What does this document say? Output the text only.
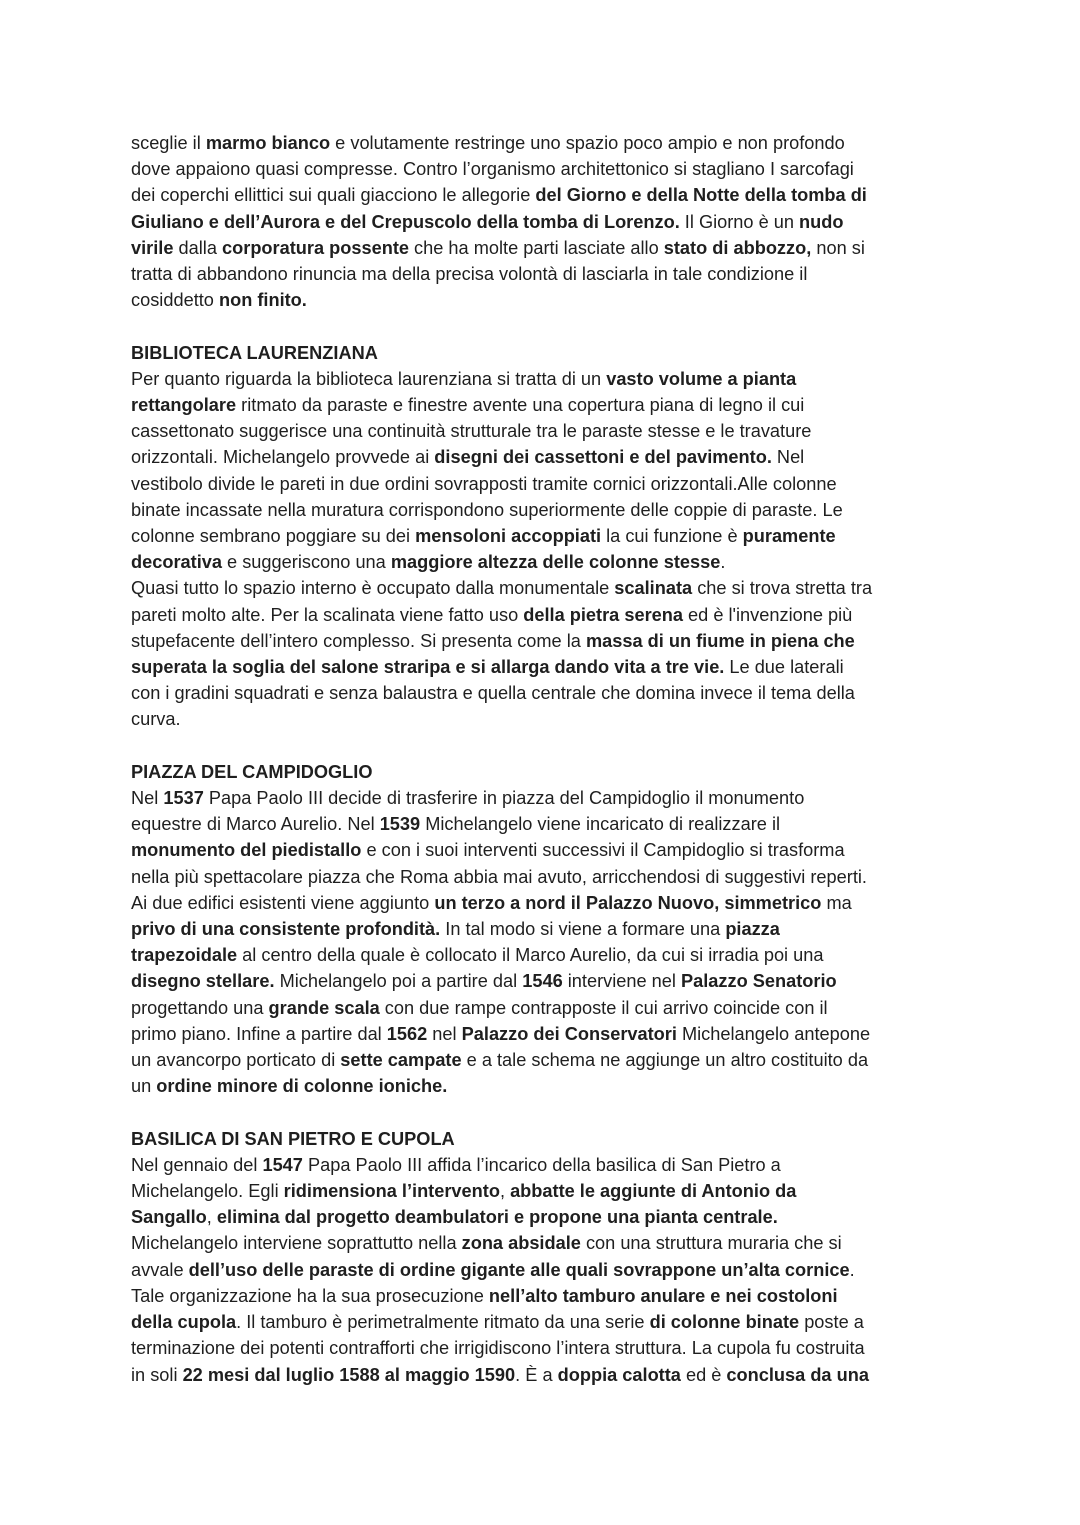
sceglie il marmo bianco e volutamente restringe uno spazio poco ampio e non profondo
dove appaiono quasi compresse. Contro l’organismo architettonico si stagliano I sarcofagi
dei coperchi ellittici sui quali giacciono le allegorie del Giorno e della Notte della tomba di
Giuliano e dell’Aurora e del Crepuscolo della tomba di Lorenzo. Il Giorno è un nudo
virile dalla corporatura possente che ha molte parti lasciate allo stato di abbozzo, non si
tratta di abbandono rinuncia ma della precisa volontà di lasciarla in tale condizione il
cosiddetto non finito.
BIBLIOTECA LAURENZIANA
Per quanto riguarda la biblioteca laurenziana si tratta di un vasto volume a pianta
rettangolare ritmato da paraste e finestre avente una copertura piana di legno il cui
cassettonato suggerisce una continuità strutturale tra le paraste stesse e le travature
orizzontali. Michelangelo provvede ai disegni dei cassettoni e del pavimento. Nel
vestibolo divide le pareti in due ordini sovrapposti tramite cornici orizzontali.Alle colonne
binate incassate nella muratura corrispondono superiormente delle coppie di paraste. Le
colonne sembrano poggiare su dei mensoloni accoppiati la cui funzione è puramente
decorativa e suggeriscono una maggiore altezza delle colonne stesse.
Quasi tutto lo spazio interno è occupato dalla monumentale scalinata che si trova stretta tra
pareti molto alte. Per la scalinata viene fatto uso della pietra serena ed è l'invenzione più
stupefacente dell’intero complesso. Si presenta come la massa di un fiume in piena che
superata la soglia del salone straripa e si allarga dando vita a tre vie. Le due laterali
con i gradini squadrati e senza balaustra e quella centrale che domina invece il tema della
curva.
PIAZZA DEL CAMPIDOGLIO
Nel 1537 Papa Paolo III decide di trasferire in piazza del Campidoglio il monumento
equestre di Marco Aurelio. Nel 1539 Michelangelo viene incaricato di realizzare il
monumento del piedistallo e con i suoi interventi successivi il Campidoglio si trasforma
nella più spettacolare piazza che Roma abbia mai avuto, arricchendosi di suggestivi reperti.
Ai due edifici esistenti viene aggiunto un terzo a nord il Palazzo Nuovo, simmetrico ma
privo di una consistente profondità. In tal modo si viene a formare una piazza
trapezoidale al centro della quale è collocato il Marco Aurelio, da cui si irradia poi una
disegno stellare. Michelangelo poi a partire dal 1546 interviene nel Palazzo Senatorio
progettando una grande scala con due rampe contrapposte il cui arrivo coincide con il
primo piano. Infine a partire dal 1562 nel Palazzo dei Conservatori Michelangelo antepone
un avancorpo porticato di sette campate e a tale schema ne aggiunge un altro costituito da
un ordine minore di colonne ioniche.
BASILICA DI SAN PIETRO E CUPOLA
Nel gennaio del 1547 Papa Paolo III affida l’incarico della basilica di San Pietro a
Michelangelo. Egli ridimensiona l’intervento, abbatte le aggiunte di Antonio da
Sangallo, elimina dal progetto deambulatori e propone una pianta centrale.
Michelangelo interviene soprattutto nella zona absidale con una struttura muraria che si
avvale dell’uso delle paraste di ordine gigante alle quali sovrappone un’alta cornice.
Tale organizzazione ha la sua prosecuzione nell’alto tamburo anulare e nei costoloni
della cupola. Il tamburo è perimetralmente ritmato da una serie di colonne binate poste a
terminazione dei potenti contrafforti che irrigidiscono l’intera struttura. La cupola fu costruita
in soli 22 mesi dal luglio 1588 al maggio 1590. È a doppia calotta ed è conclusa da una
